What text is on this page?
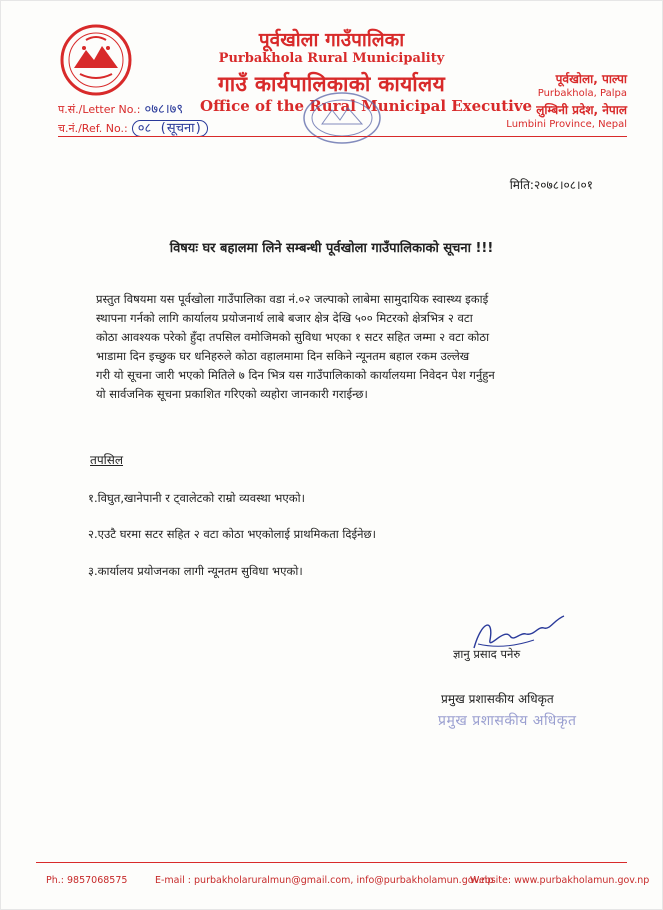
पूर्वखोला गाउँपालिका
Purbakhola Rural Municipality
गाउँ कार्यपालिकाको कार्यालय
Office of the Rural Municipal Executive
प.सं./Letter No.: ०७८।७९
च.नं./Ref. No.: ०८ (सूचना)
पूर्वखोला, पाल्पा
Purbakhola, Palpa
लुम्बिनी प्रदेश, नेपाल
Lumbini Province, Nepal
मिति:२०७८।०८।०१
विषयः घर बहालमा लिने सम्बन्धी पूर्वखोला गाउँपालिकाको सूचना !!!
प्रस्तुत विषयमा यस पूर्वखोला गाउँपालिका वडा नं.०२ जल्पाको लाबेमा सामुदायिक स्वास्थ्य इकाई
स्थापना गर्नको लागि कार्यालय प्रयोजनार्थ लाबे बजार क्षेत्र देखि ५०० मिटरको क्षेत्रभित्र २ वटा
कोठा आवश्यक परेको हुँदा तपसिल वमोजिमको सुविधा भएका १ सटर सहित जम्मा २ वटा कोठा
भाडामा दिन इच्छुक घर धनिहरुले कोठा वहालमामा दिन सकिने न्यूनतम बहाल रकम उल्लेख
गरी यो सूचना जारी भएको मितिले ७ दिन भित्र यस गाउँपालिकाको कार्यालयमा निवेदन पेश गर्नुहुन
यो सार्वजनिक सूचना प्रकाशित गरिएको व्यहोरा जानकारी गराईन्छ।
तपसिल
१.विघुत,खानेपानी र ट्वालेटको राम्रो व्यवस्था भएको।
२.एउटै घरमा सटर सहित २ वटा कोठा भएकोलाई प्राथमिकता दिईनेछ।
३.कार्यालय प्रयोजनका लागी न्यूनतम सुविधा भएको।
ज्ञानु प्रसाद पनेरु
प्रमुख प्रशासकीय अधिकृत
प्रमुख प्रशासकीय अधिकृत
Ph.: 9857068575	E-mail : purbakholaruralmun@gmail.com, info@purbakholamun.gov.np
Website: www.purbakholamun.gov.np
